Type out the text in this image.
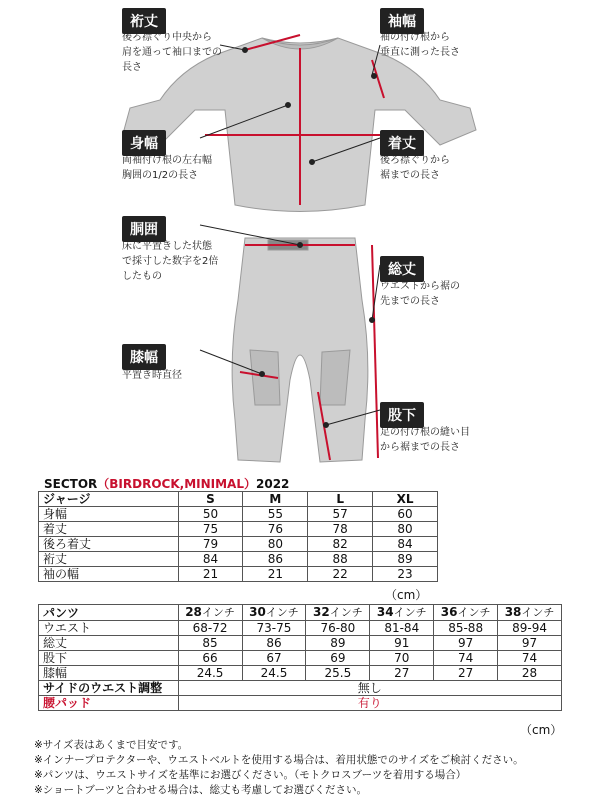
裄丈
後ろ襟ぐり中央から
肩を通って袖口までの
長さ
袖幅
袖の付け根から
垂直に測った長さ
身幅
両袖付け根の左右幅
胸囲の1/2の長さ
着丈
後ろ襟ぐりから
裾までの長さ
胴囲
床に平置きした状態
で採寸した数字を2倍
したもの	総丈
ウエストから裾の
先までの長さ
膝幅
平置き時直径
股下
足の付け根の縫い目
から裾までの長さ
SECTOR（BIRDROCK,MINIMAL）2022
ジャージ	S	M	L	XL
身幅	50	55	57	60
着丈	75	76	78	80
後ろ着丈	79	80	82	84
裄丈	84	86	88	89
袖の幅	21	21	22	23
（cm）
パンツ	28インチ	30インチ	32インチ	34インチ	36インチ	38インチ
ウエスト	68-72	73-75	76-80	81-84	85-88	89-94
総丈	85	86	89	91	97	97
股下	66	67	69	70	74	74
膝幅	24.5	24.5	25.5	27	27	28
サイドのウエスト調整	無し					
腰パッド	有り					
（cm）
※サイズ表はあくまで目安です。
※インナープロテクターや、ウエストベルトを使用する場合は、着用状態でのサイズをご検討ください。
※パンツは、ウエストサイズを基準にお選びください。（モトクロスブーツを着用する場合）
※ショートブーツと合わせる場合は、総丈も考慮してお選びください。
